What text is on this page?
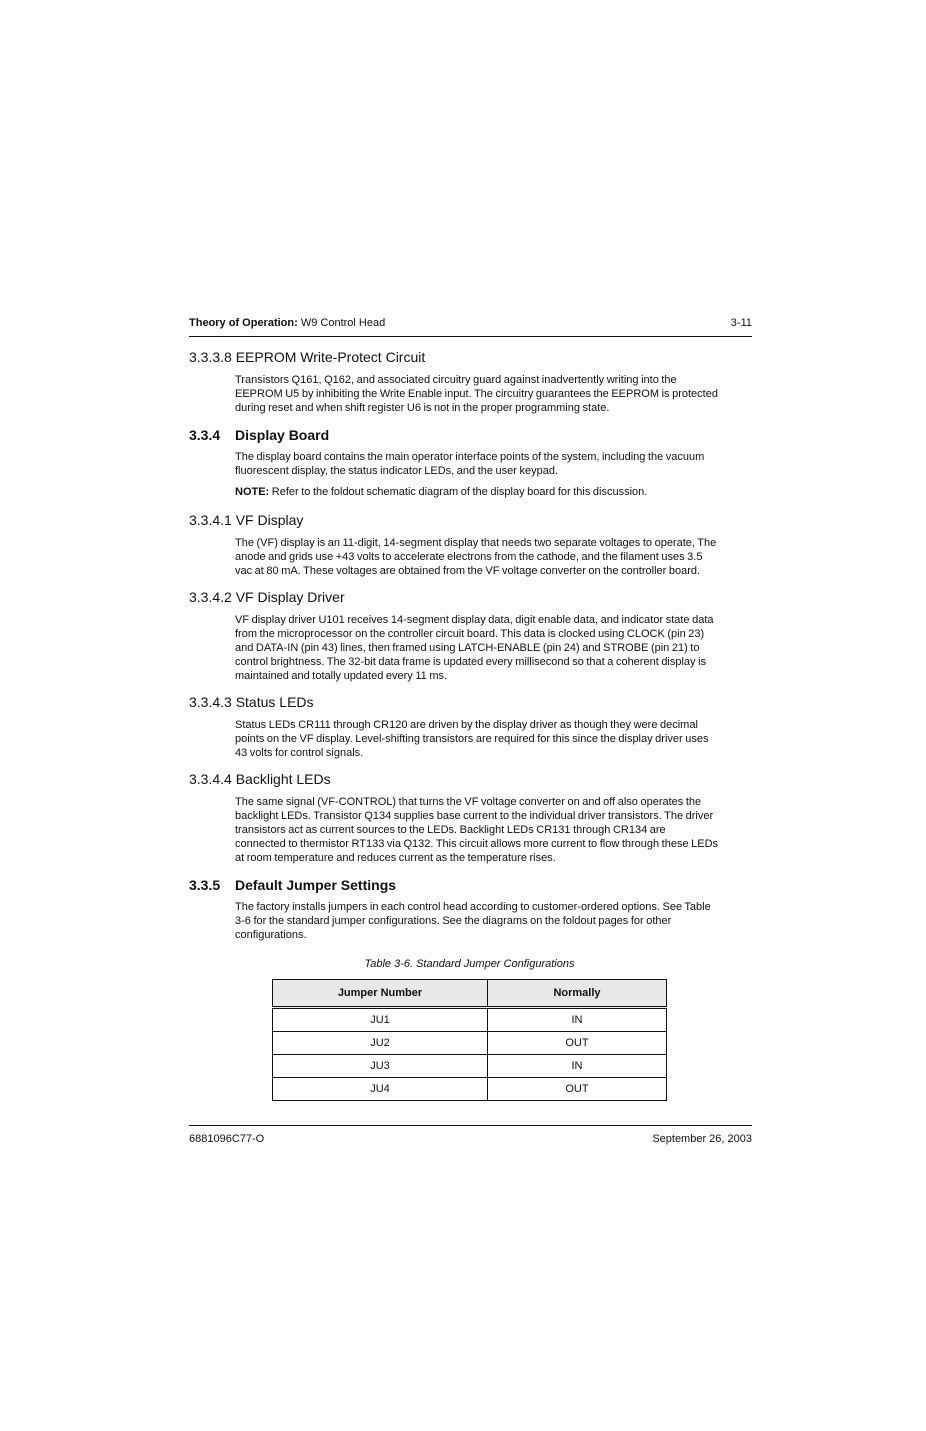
Theory of Operation: W9 Control Head	3-11
3.3.3.8 EEPROM Write-Protect Circuit
Transistors Q161, Q162, and associated circuitry guard against inadvertently writing into the
EEPROM U5 by inhibiting the Write Enable input. The circuitry guarantees the EEPROM is protected
during reset and when shift register U6 is not in the proper programming state.
3.3.4 Display Board
The display board contains the main operator interface points of the system, including the vacuum
fluorescent display, the status indicator LEDs, and the user keypad.
NOTE: Refer to the foldout schematic diagram of the display board for this discussion.
3.3.4.1 VF Display
The (VF) display is an 11-digit, 14-segment display that needs two separate voltages to operate, The
anode and grids use +43 volts to accelerate electrons from the cathode, and the filament uses 3.5
vac at 80 mA. These voltages are obtained from the VF voltage converter on the controller board.
3.3.4.2 VF Display Driver
VF display driver U101 receives 14-segment display data, digit enable data, and indicator state data
from the microprocessor on the controller circuit board. This data is clocked using CLOCK (pin 23)
and DATA-IN (pin 43) lines, then framed using LATCH-ENABLE (pin 24) and STROBE (pin 21) to
control brightness. The 32-bit data frame is updated every millisecond so that a coherent display is
maintained and totally updated every 11 ms.
3.3.4.3 Status LEDs
Status LEDs CR111 through CR120 are driven by the display driver as though they were decimal
points on the VF display. Level-shifting transistors are required for this since the display driver uses
43 volts for control signals.
3.3.4.4 Backlight LEDs
The same signal (VF-CONTROL) that turns the VF voltage converter on and off also operates the
backlight LEDs. Transistor Q134 supplies base current to the individual driver transistors. The driver
transistors act as current sources to the LEDs. Backlight LEDs CR131 through CR134 are
connected to thermistor RT133 via Q132. This circuit allows more current to flow through these LEDs
at room temperature and reduces current as the temperature rises.
3.3.5 Default Jumper Settings
The factory installs jumpers in each control head according to customer-ordered options. See Table
3-6 for the standard jumper configurations. See the diagrams on the foldout pages for other
configurations.
Table 3-6. Standard Jumper Configurations
Jumper Number	Normally
JU1	IN
JU2	OUT
JU3	IN
JU4	OUT
6881096C77-O	September 26, 2003
